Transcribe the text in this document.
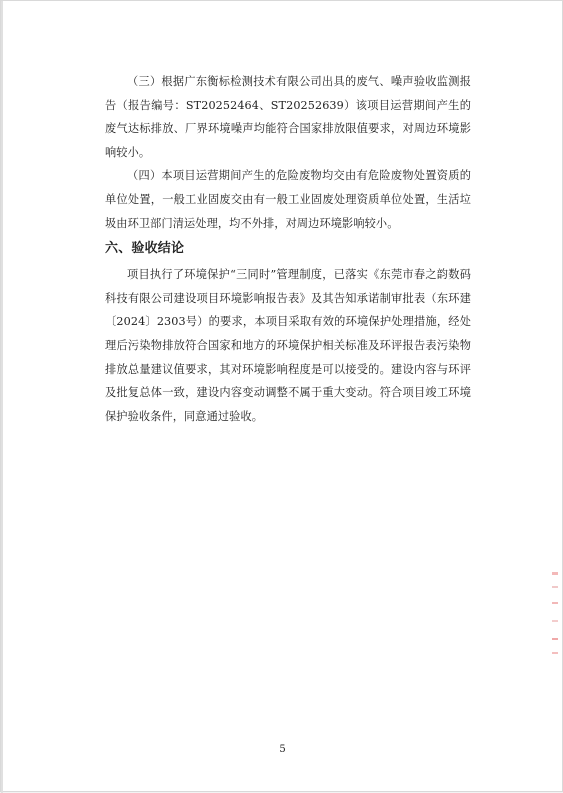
（三）根据广东衡标检测技术有限公司出具的废气、噪声验收监测报告（报告编号：ST20252464、ST20252639）该项目运营期间产生的废气达标排放、厂界环境噪声均能符合国家排放限值要求，对周边环境影响较小。

（四）本项目运营期间产生的危险废物均交由有危险废物处置资质的单位处置，一般工业固废交由有一般工业固废处理资质单位处置，生活垃圾由环卫部门清运处理，均不外排，对周边环境影响较小。

六、验收结论

项目执行了环境保护“三同时”管理制度，已落实《东莞市春之韵数码科技有限公司建设项目环境影响报告表》及其告知承诺制审批表（东环建〔2024〕2303号）的要求，本项目采取有效的环境保护处理措施，经处理后污染物排放符合国家和地方的环境保护相关标准及环评报告表污染物排放总量建议值要求，其对环境影响程度是可以接受的。建设内容与环评及批复总体一致，建设内容变动调整不属于重大变动。符合项目竣工环境保护验收条件，同意通过验收。

5
